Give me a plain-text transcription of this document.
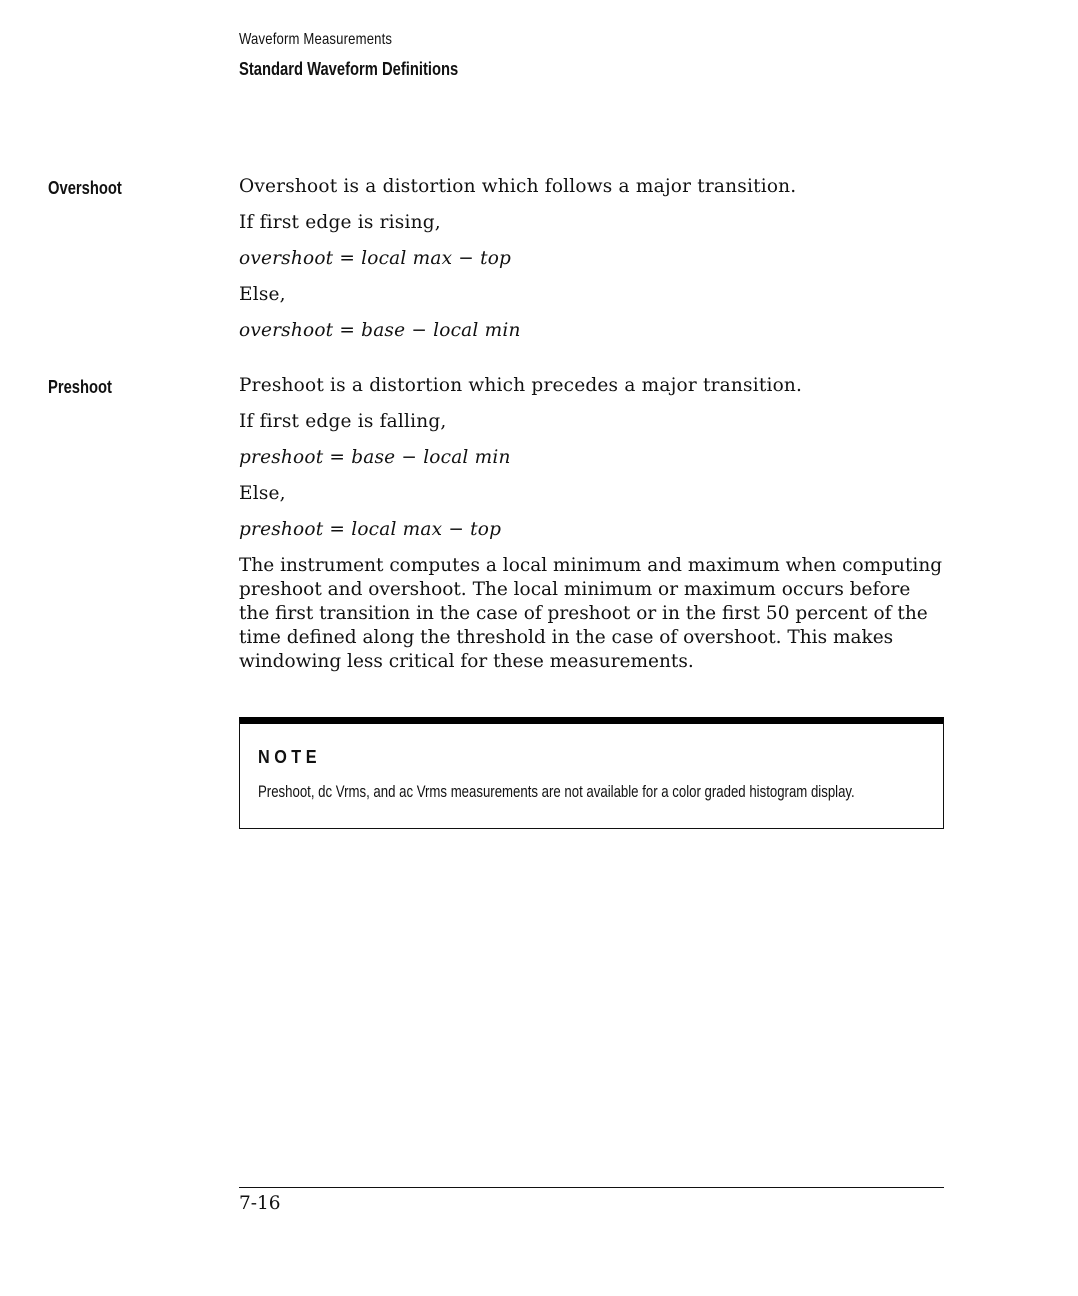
Waveform Measurements
Standard Waveform Definitions
Overshoot	Overshoot is a distortion which follows a major transition.
If first edge is rising,
overshoot = local max − top
Else,
overshoot = base − local min
Preshoot	Preshoot is a distortion which precedes a major transition.
If first edge is falling,
preshoot = base − local min
Else,
preshoot = local max − top

The instrument computes a local minimum and maximum when computing preshoot and overshoot. The local minimum or maximum occurs before the first transition in the case of preshoot or in the first 50 percent of the time defined along the threshold in the case of overshoot. This makes windowing less critical for these measurements.

NOTE
Preshoot, dc Vrms, and ac Vrms measurements are not available for a color graded histogram display.
7-16
